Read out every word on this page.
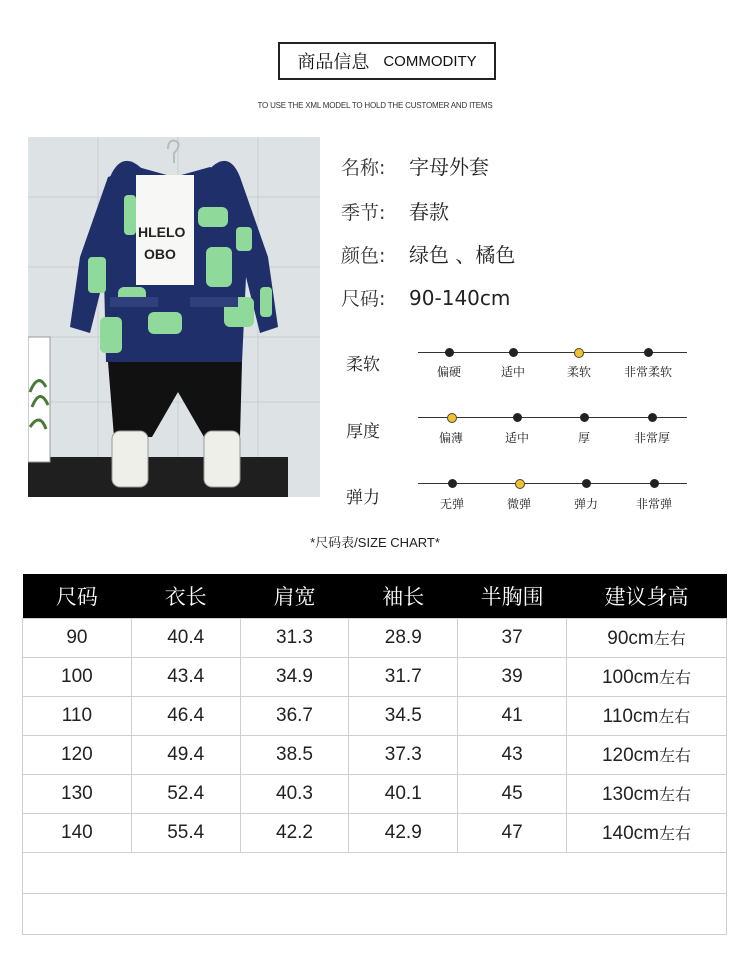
商品信息 COMMODITY
TO USE THE XML MODEL TO HOLD THE CUSTOMER AND ITEMS
HLELO
OBO
名称: 字母外套
季节: 春款
颜色: 绿色 、橘色
尺码: 90-140cm
柔软	偏硬	适中	柔软	非常柔软
厚度	偏薄	适中	厚	非常厚
弹力	无弹	微弹	弹力	非常弹
*尺码表/SIZE CHART*
尺码	衣长	肩宽	袖长	半胸围	建议身高
90	40.4	31.3	28.9	37	90cm左右
100	43.4	34.9	31.7	39	100cm左右
110	46.4	36.7	34.5	41	110cm左右
120	49.4	38.5	37.3	43	120cm左右
130	52.4	40.3	40.1	45	130cm左右
140	55.4	42.2	42.9	47	140cm左右
